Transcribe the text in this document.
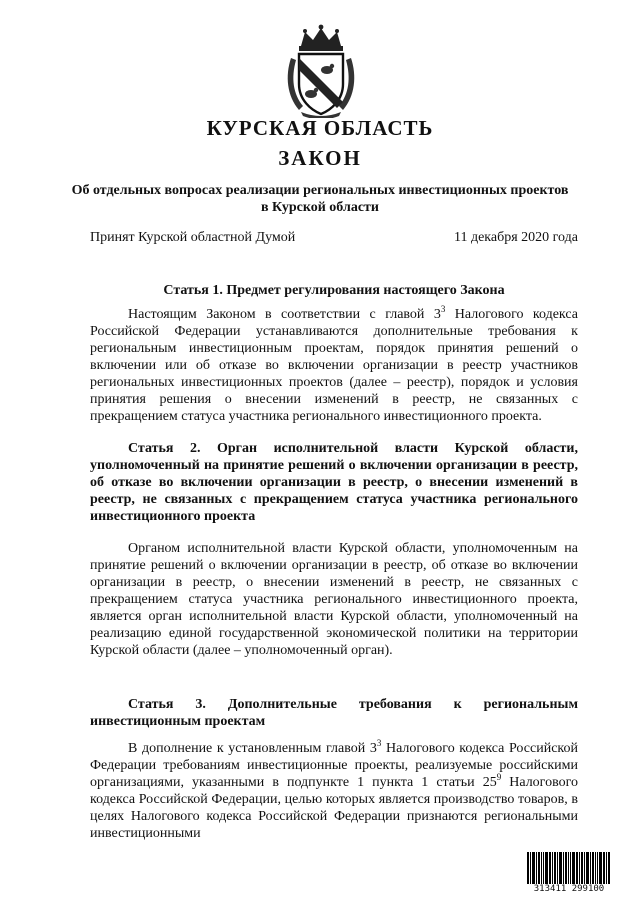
КУРСКАЯ ОБЛАСТЬ
ЗАКОН
Об отдельных вопросах реализации региональных инвестиционных проектов в Курской области
Принят Курской областной Думой	11 декабря 2020 года

Статья 1. Предмет регулирования настоящего Закона

Настоящим Законом в соответствии с главой $3^3$ Налогового кодекса Российской Федерации устанавливаются дополнительные требования к региональным инвестиционным проектам, порядок принятия решений о включении или об отказе во включении организации в реестр участников региональных инвестиционных проектов (далее – реестр), порядок и условия принятия решения о внесении изменений в реестр, не связанных с прекращением статуса участника регионального инвестиционного проекта.

Статья 2. Орган исполнительной власти Курской области, уполномоченный на принятие решений о включении организации в реестр, об отказе во включении организации в реестр, о внесении изменений в реестр, не связанных с прекращением статуса участника регионального инвестиционного проекта

Органом исполнительной власти Курской области, уполномоченным на принятие решений о включении организации в реестр, об отказе во включении организации в реестр, о внесении изменений в реестр, не связанных с прекращением статуса участника регионального инвестиционного проекта, является орган исполнительной власти Курской области, уполномоченный на реализацию единой государственной экономической политики на территории Курской области (далее – уполномоченный орган).

Статья 3. Дополнительные требования к региональным инвестиционным проектам

В дополнение к установленным главой $3^3$ Налогового кодекса Российской Федерации требованиям инвестиционные проекты, реализуемые российскими организациями, указанными в подпункте 1 пункта 1 статьи $25^9$ Налогового кодекса Российской Федерации, целью которых является производство товаров, в целях Налогового кодекса Российской Федерации признаются региональными инвестиционными

313411 299100
